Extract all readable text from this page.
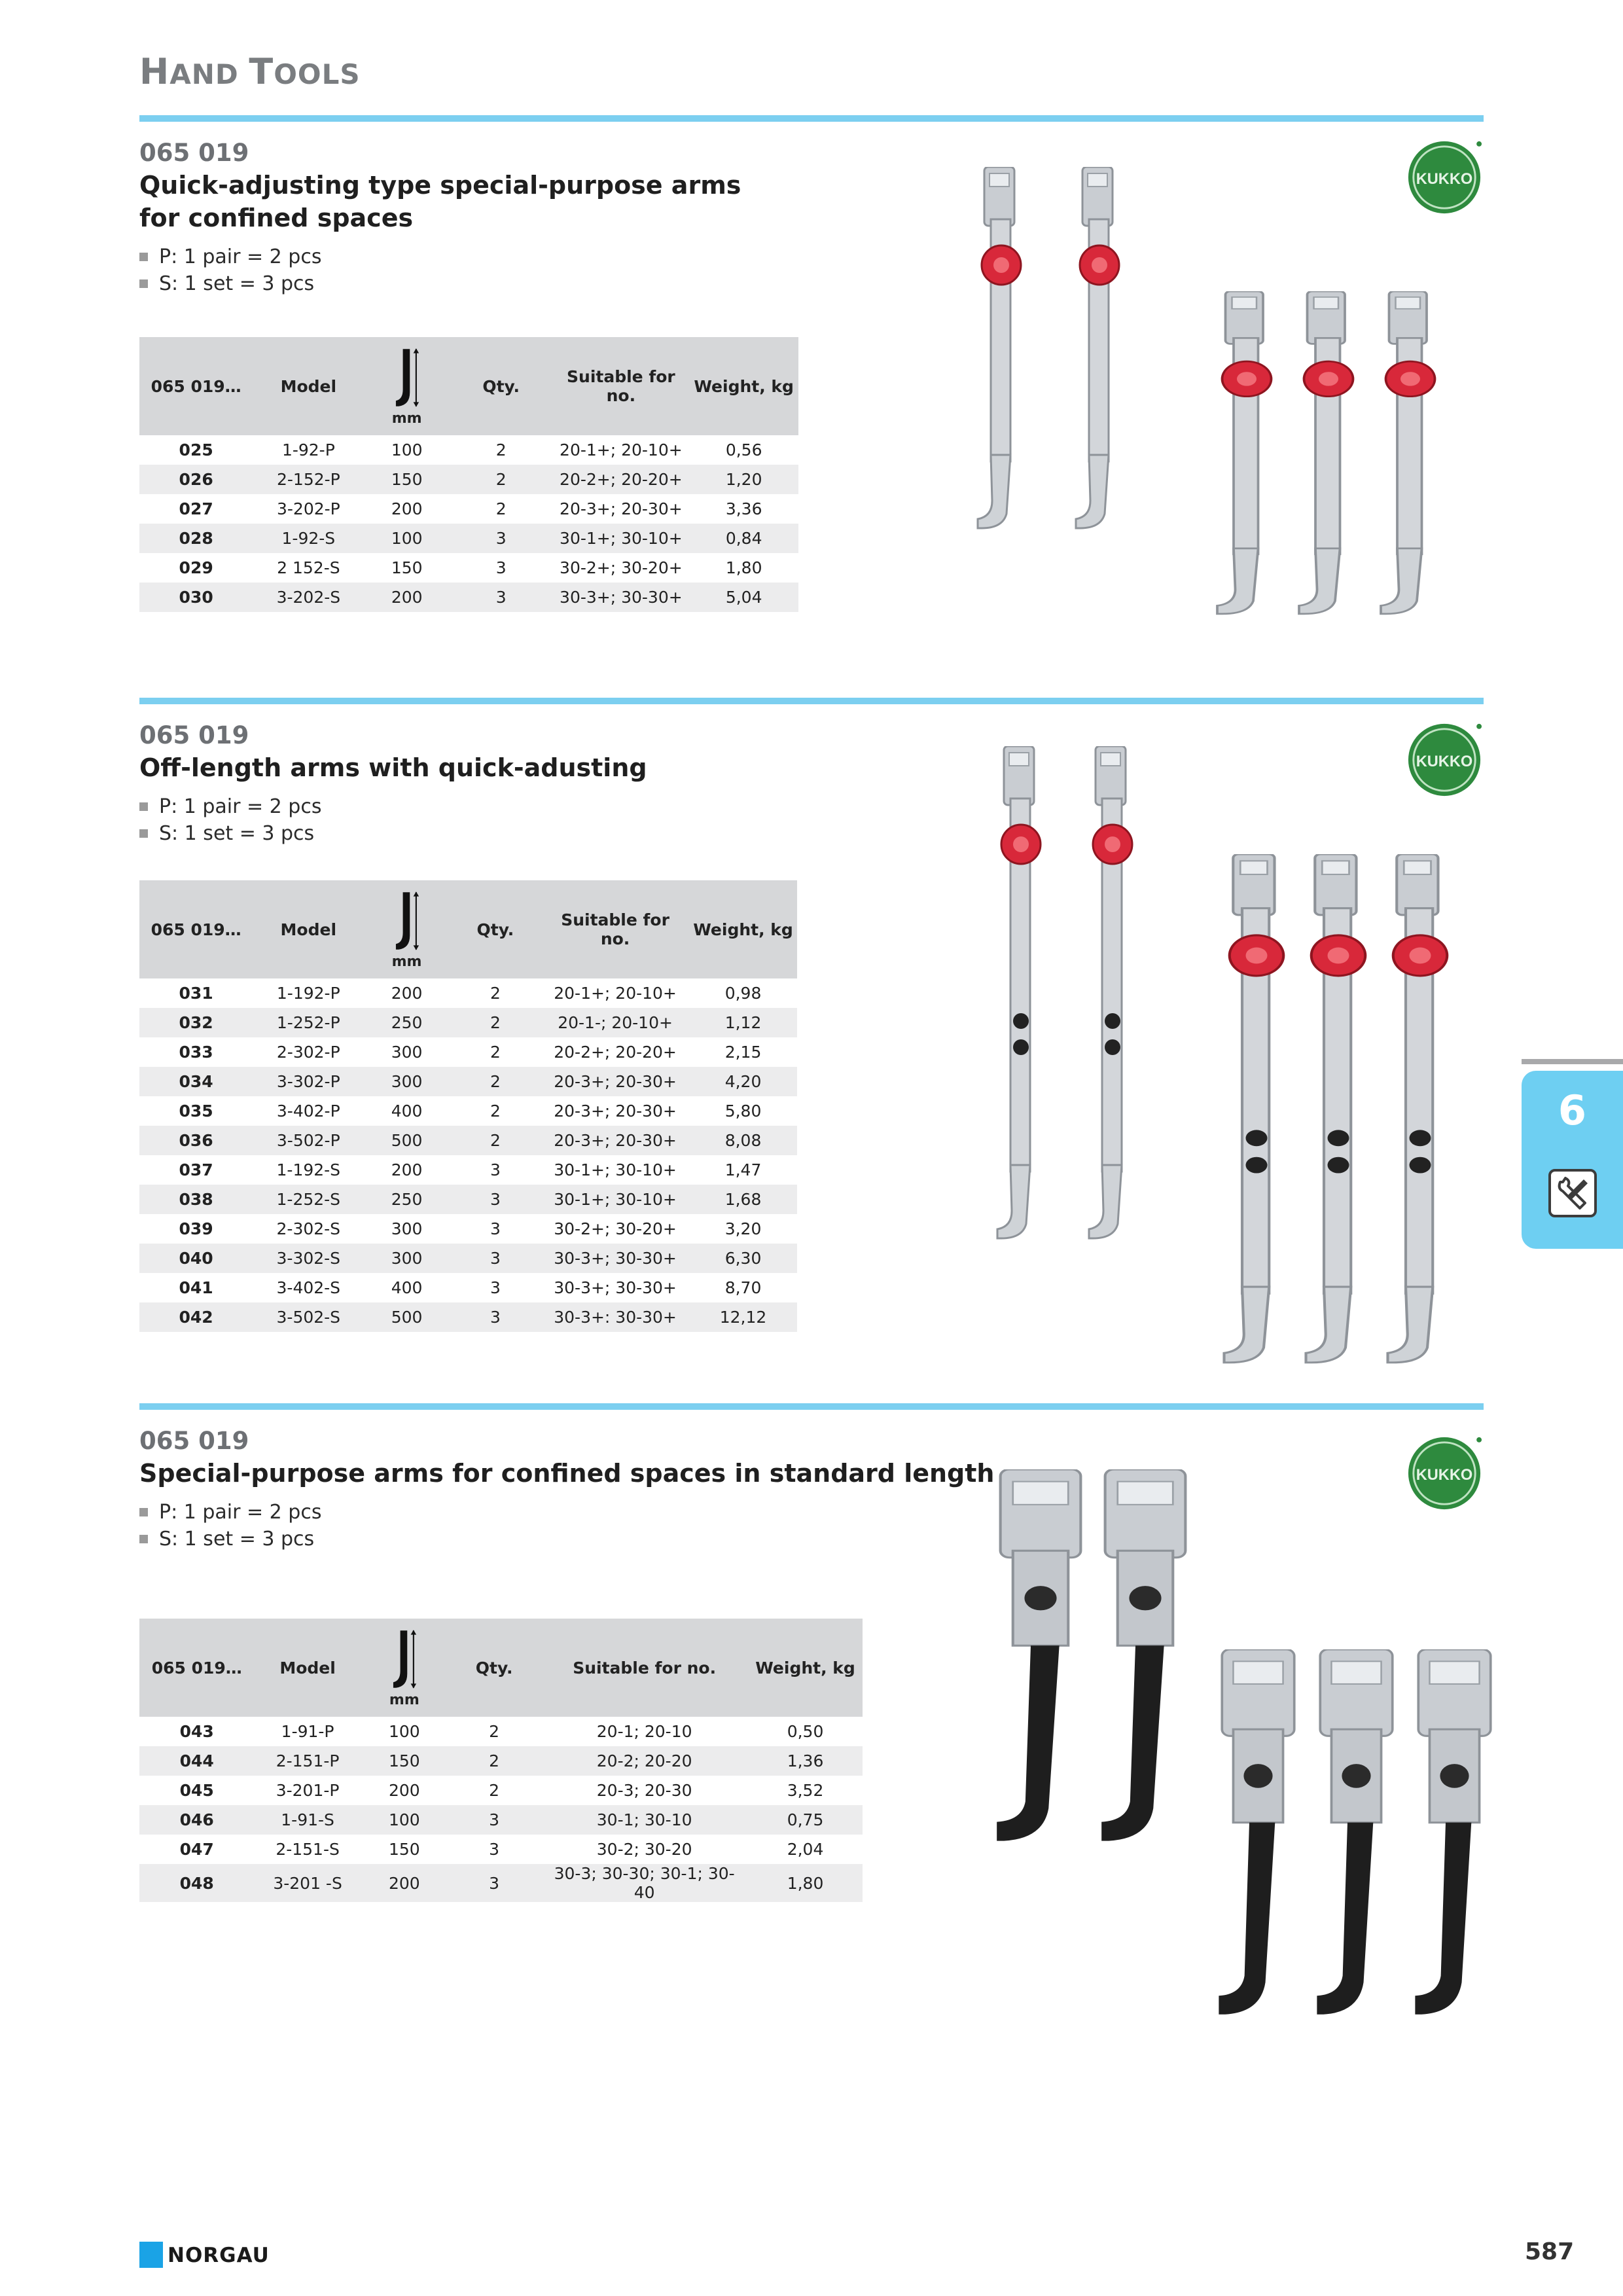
HAND TOOLS
065 019
Quick-adjusting type special-purpose arms
for confined spaces
P: 1 pair = 2 pcs
S: 1 set = 3 pcs
065 019…	Model	mm	Qty.	Suitable for no.	Weight, kg
025	1-92-P	100	2	20-1+; 20-10+	0,56
026	2-152-P	150	2	20-2+; 20-20+	1,20
027	3-202-P	200	2	20-3+; 20-30+	3,36
028	1-92-S	100	3	30-1+; 30-10+	0,84
029	2 152-S	150	3	30-2+; 30-20+	1,80
030	3-202-S	200	3	30-3+; 30-30+	5,04
065 019
Off-length arms with quick-adusting
P: 1 pair = 2 pcs
S: 1 set = 3 pcs
065 019…	Model	mm	Qty.	Suitable for no.	Weight, kg
031	1-192-P	200	2	20-1+; 20-10+	0,98
032	1-252-P	250	2	20-1-; 20-10+	1,12
033	2-302-P	300	2	20-2+; 20-20+	2,15
034	3-302-P	300	2	20-3+; 20-30+	4,20
035	3-402-P	400	2	20-3+; 20-30+	5,80
036	3-502-P	500	2	20-3+; 20-30+	8,08
037	1-192-S	200	3	30-1+; 30-10+	1,47
038	1-252-S	250	3	30-1+; 30-10+	1,68
039	2-302-S	300	3	30-2+; 30-20+	3,20
040	3-302-S	300	3	30-3+; 30-30+	6,30
041	3-402-S	400	3	30-3+; 30-30+	8,70
042	3-502-S	500	3	30-3+: 30-30+	12,12
065 019
Special-purpose arms for confined spaces in standard length
P: 1 pair = 2 pcs
S: 1 set = 3 pcs
065 019…	Model	mm	Qty.	Suitable for no.	Weight, kg
043	1-91-P	100	2	20-1; 20-10	0,50
044	2-151-P	150	2	20-2; 20-20	1,36
045	3-201-P	200	2	20-3; 20-30	3,52
046	1-91-S	100	3	30-1; 30-10	0,75
047	2-151-S	150	3	30-2; 30-20	2,04
048	3-201 -S	200	3	30-3; 30-30; 30-1; 30-40	1,80
6
NORGAU	587
